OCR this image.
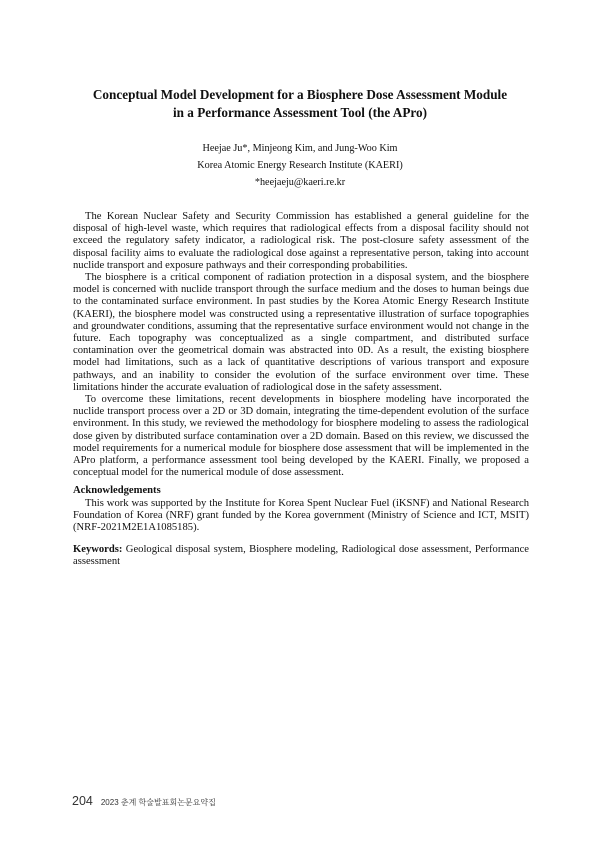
Conceptual Model Development for a Biosphere Dose Assessment Module
in a Performance Assessment Tool (the APro)
Heejae Ju*, Minjeong Kim, and Jung-Woo Kim
Korea Atomic Energy Research Institute (KAERI)
*heejaeju@kaeri.re.kr

The Korean Nuclear Safety and Security Commission has established a general guideline for the disposal of high-level waste, which requires that radiological effects from a disposal facility should not exceed the regulatory safety indicator, a radiological risk. The post-closure safety assessment of the disposal facility aims to evaluate the radiological dose against a representative person, taking into account nuclide transport and exposure pathways and their corresponding probabilities.

The biosphere is a critical component of radiation protection in a disposal system, and the biosphere model is concerned with nuclide transport through the surface medium and the doses to human beings due to the contaminated surface environment. In past studies by the Korea Atomic Energy Research Institute (KAERI), the biosphere model was constructed using a representative illustration of surface topographies and groundwater conditions, assuming that the representative surface environment would not change in the future. Each topography was conceptualized as a single compartment, and distributed surface contamination over the geometrical domain was abstracted into 0D. As a result, the existing biosphere model had limitations, such as a lack of quantitative descriptions of various transport and exposure pathways, and an inability to consider the evolution of the surface environment over time. These limitations hinder the accurate evaluation of radiological dose in the safety assessment.

To overcome these limitations, recent developments in biosphere modeling have incorporated the nuclide transport process over a 2D or 3D domain, integrating the time-dependent evolution of the surface environment. In this study, we reviewed the methodology for biosphere modeling to assess the radiological dose given by distributed surface contamination over a 2D domain. Based on this review, we discussed the model requirements for a numerical module for biosphere dose assessment that will be implemented in the APro platform, a performance assessment tool being developed by the KAERI. Finally, we proposed a conceptual model for the numerical module of dose assessment.

Acknowledgements

This work was supported by the Institute for Korea Spent Nuclear Fuel (iKSNF) and National Research Foundation of Korea (NRF) grant funded by the Korea government (Ministry of Science and ICT, MSIT) (NRF-2021M2E1A1085185).

Keywords: Geological disposal system, Biosphere modeling, Radiological dose assessment, Performance assessment
204 2023 춘계 학술발표회논문요약집
